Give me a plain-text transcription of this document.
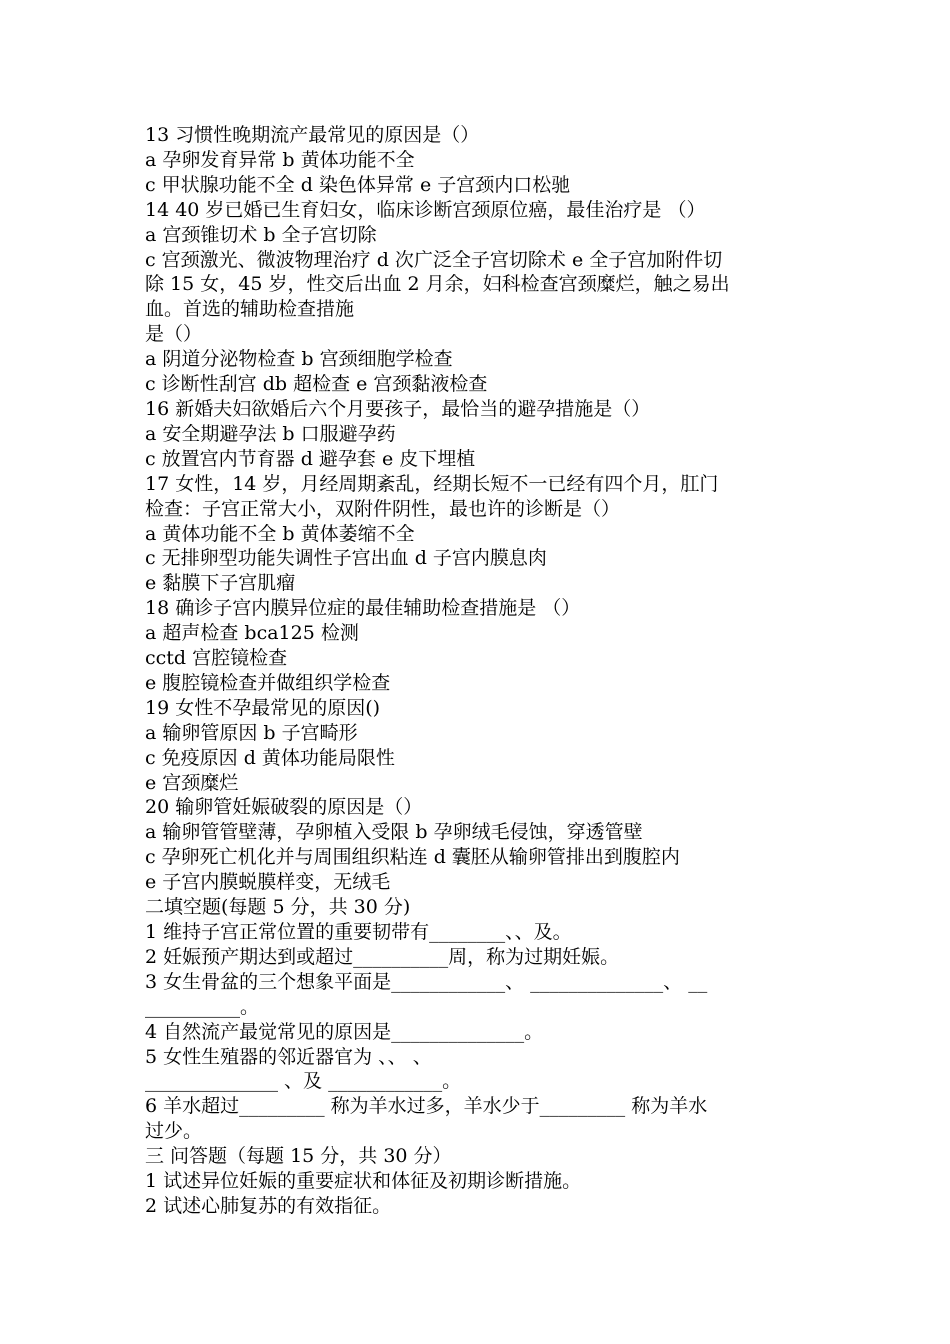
13 习惯性晚期流产最常见的原因是（）
a 孕卵发育异常 b 黄体功能不全
c 甲状腺功能不全 d 染色体异常 e 子宫颈内口松驰
14 40 岁已婚已生育妇女，临床诊断宫颈原位癌，最佳治疗是 （）
a 宫颈锥切术 b 全子宫切除
c 宫颈激光、微波物理治疗 d 次广泛全子宫切除术 e 全子宫加附件切
除 15 女，45 岁，性交后出血 2 月余，妇科检查宫颈糜烂，触之易出
血。首选的辅助检查措施
是（）
a 阴道分泌物检查 b 宫颈细胞学检查
c 诊断性刮宫 db 超检查 e 宫颈黏液检查
16 新婚夫妇欲婚后六个月要孩子，最恰当的避孕措施是（）
a 安全期避孕法 b 口服避孕药
c 放置宫内节育器 d 避孕套 e 皮下埋植
17 女性，14 岁，月经周期紊乱，经期长短不一已经有四个月，肛门
检查：子宫正常大小，双附件阴性，最也许的诊断是（）
a 黄体功能不全 b 黄体萎缩不全
c 无排卵型功能失调性子宫出血 d 子宫内膜息肉
e 黏膜下子宫肌瘤
18 确诊子宫内膜异位症的最佳辅助检查措施是 （）
a 超声检查 bca125 检测
cctd 宫腔镜检查
e 腹腔镜检查并做组织学检查
19 女性不孕最常见的原因()
a 输卵管原因 b 子宫畸形
c 免疫原因 d 黄体功能局限性
e 宫颈糜烂
20 输卵管妊娠破裂的原因是（）
a 输卵管管壁薄，孕卵植入受限 b 孕卵绒毛侵蚀，穿透管壁
c 孕卵死亡机化并与周围组织粘连 d 囊胚从输卵管排出到腹腔内
e 子宫内膜蜕膜样变，无绒毛
二填空题(每题 5 分，共 30 分)
1 维持子宫正常位置的重要韧带有________、、及。
2 妊娠预产期达到或超过__________周，称为过期妊娠。
3 女生骨盆的三个想象平面是____________、 ______________、 __
__________。
4 自然流产最觉常见的原因是______________。
5 女性生殖器的邻近器官为 、、 、
______________ 、及 ____________。
6 羊水超过_________ 称为羊水过多，羊水少于_________ 称为羊水
过少。
三 问答题（每题 15 分，共 30 分）
1 试述异位妊娠的重要症状和体征及初期诊断措施。
2 试述心肺复苏的有效指征。
